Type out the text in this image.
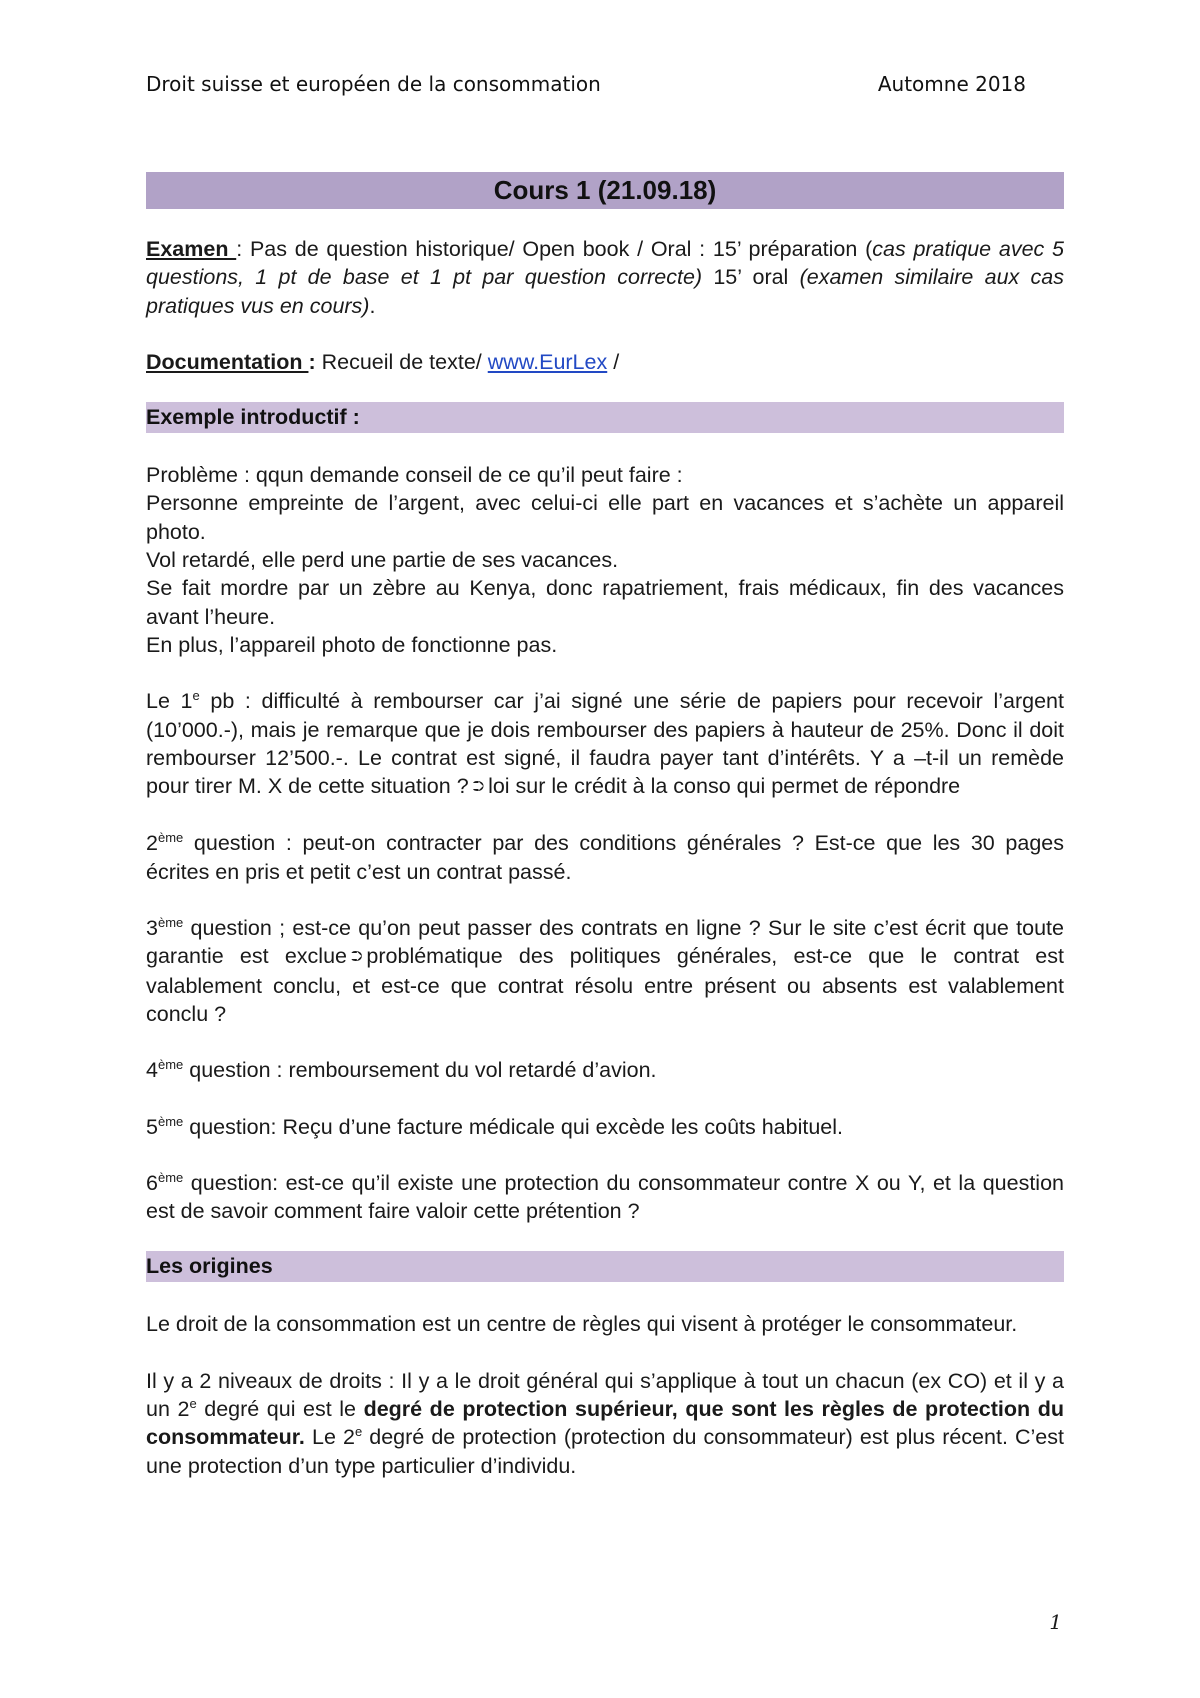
Droit suisse et européen de la consommation	Automne 2018
Cours 1 (21.09.18)

Examen : Pas de question historique/ Open book / Oral : 15’ préparation (cas pratique avec 5 questions, 1 pt de base et 1 pt par question correcte) 15’ oral (examen similaire aux cas pratiques vus en cours).

Documentation : Recueil de texte/ www.EurLex /

Exemple introductif :

Problème : qqun demande conseil de ce qu’il peut faire :

Personne empreinte de l’argent, avec celui-ci elle part en vacances et s’achète un appareil photo.

Vol retardé, elle perd une partie de ses vacances.

Se fait mordre par un zèbre au Kenya, donc rapatriement, frais médicaux, fin des vacances avant l’heure.

En plus, l’appareil photo de fonctionne pas.

Le 1e pb : difficulté à rembourser car j’ai signé une série de papiers pour recevoir l’argent (10’000.-), mais je remarque que je dois rembourser des papiers à hauteur de 25%. Donc il doit rembourser 12’500.-. Le contrat est signé, il faudra payer tant d’intérêts. Y a –t-il un remède pour tirer M. X de cette situation ? ⮊ loi sur le crédit à la conso qui permet de répondre

2ème question : peut-on contracter par des conditions générales ? Est-ce que les 30 pages écrites en pris et petit c’est un contrat passé.

3ème question ; est-ce qu’on peut passer des contrats en ligne ? Sur le site c’est écrit que toute garantie est exclue ⮊ problématique des politiques générales, est-ce que le contrat est valablement conclu, et est-ce que contrat résolu entre présent ou absents est valablement conclu ?

4ème question : remboursement du vol retardé d’avion.

5ème question: Reçu d’une facture médicale qui excède les coûts habituel.

6ème question: est-ce qu’il existe une protection du consommateur contre X ou Y, et la question est de savoir comment faire valoir cette prétention ?

Les origines

Le droit de la consommation est un centre de règles qui visent à protéger le consommateur.

Il y a 2 niveaux de droits : Il y a le droit général qui s’applique à tout un chacun (ex CO) et il y a un 2e degré qui est le degré de protection supérieur, que sont les règles de protection du consommateur. Le 2e degré de protection (protection du consommateur) est plus récent. C’est une protection d’un type particulier d’individu.

1
